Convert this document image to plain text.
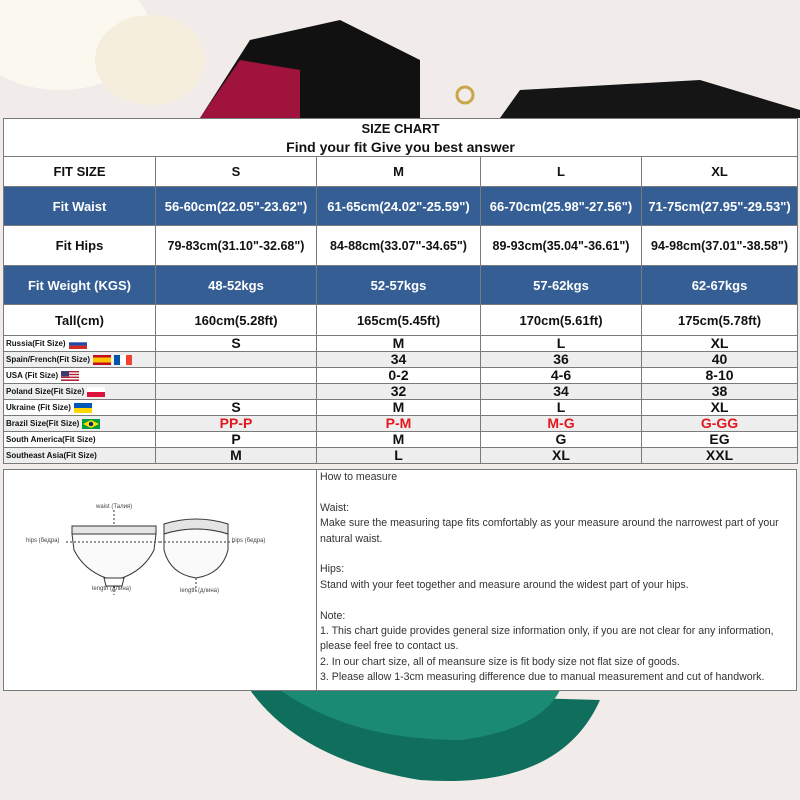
SIZE CHART
Find your fit Give you best answer				

FIT SIZE	S	M	L	XL
Fit Waist	56-60cm(22.05"-23.62")	61-65cm(24.02"-25.59")	66-70cm(25.98"-27.56")	71-75cm(27.95"-29.53")
Fit Hips	79-83cm(31.10"-32.68")	84-88cm(33.07"-34.65")	89-93cm(35.04"-36.61")	94-98cm(37.01"-38.58")
Fit Weight (KGS)	48-52kgs	52-57kgs	57-62kgs	62-67kgs
Tall(cm)	160cm(5.28ft)	165cm(5.45ft)	170cm(5.61ft)	175cm(5.78ft)
Russia(Fit Size)	S	M	L	XL
Spain/French(Fit Size)		34	36	40
USA (Fit Size)		0-2	4-6	8-10
Poland Size(Fit Size)		32	34	38
Ukraine (Fit Size)	S	M	L	XL
Brazil Size(Fit Size)	PP-P	P-M	M-G	G-GG
South America(Fit Size)	P	M	G	EG
Southeast Asia(Fit Size)	M	L	XL	XXL
waist (Талия)
hips (бедра)	hips (бедра)
length (длина)	length (длина)
How to measure
Waist:
Make sure the measuring tape fits comfortably as your measure around the narrowest part of your natural waist.
Hips:
Stand with your feet together and measure around the widest part of your hips.
Note:
1. This chart guide provides general size information only, if you are not clear for any information, please feel free to contact us.
2. In our chart size, all of meansure size is fit body size not flat size of goods.
3. Please allow 1-3cm measuring difference due to manual measurement and cut of handwork.
